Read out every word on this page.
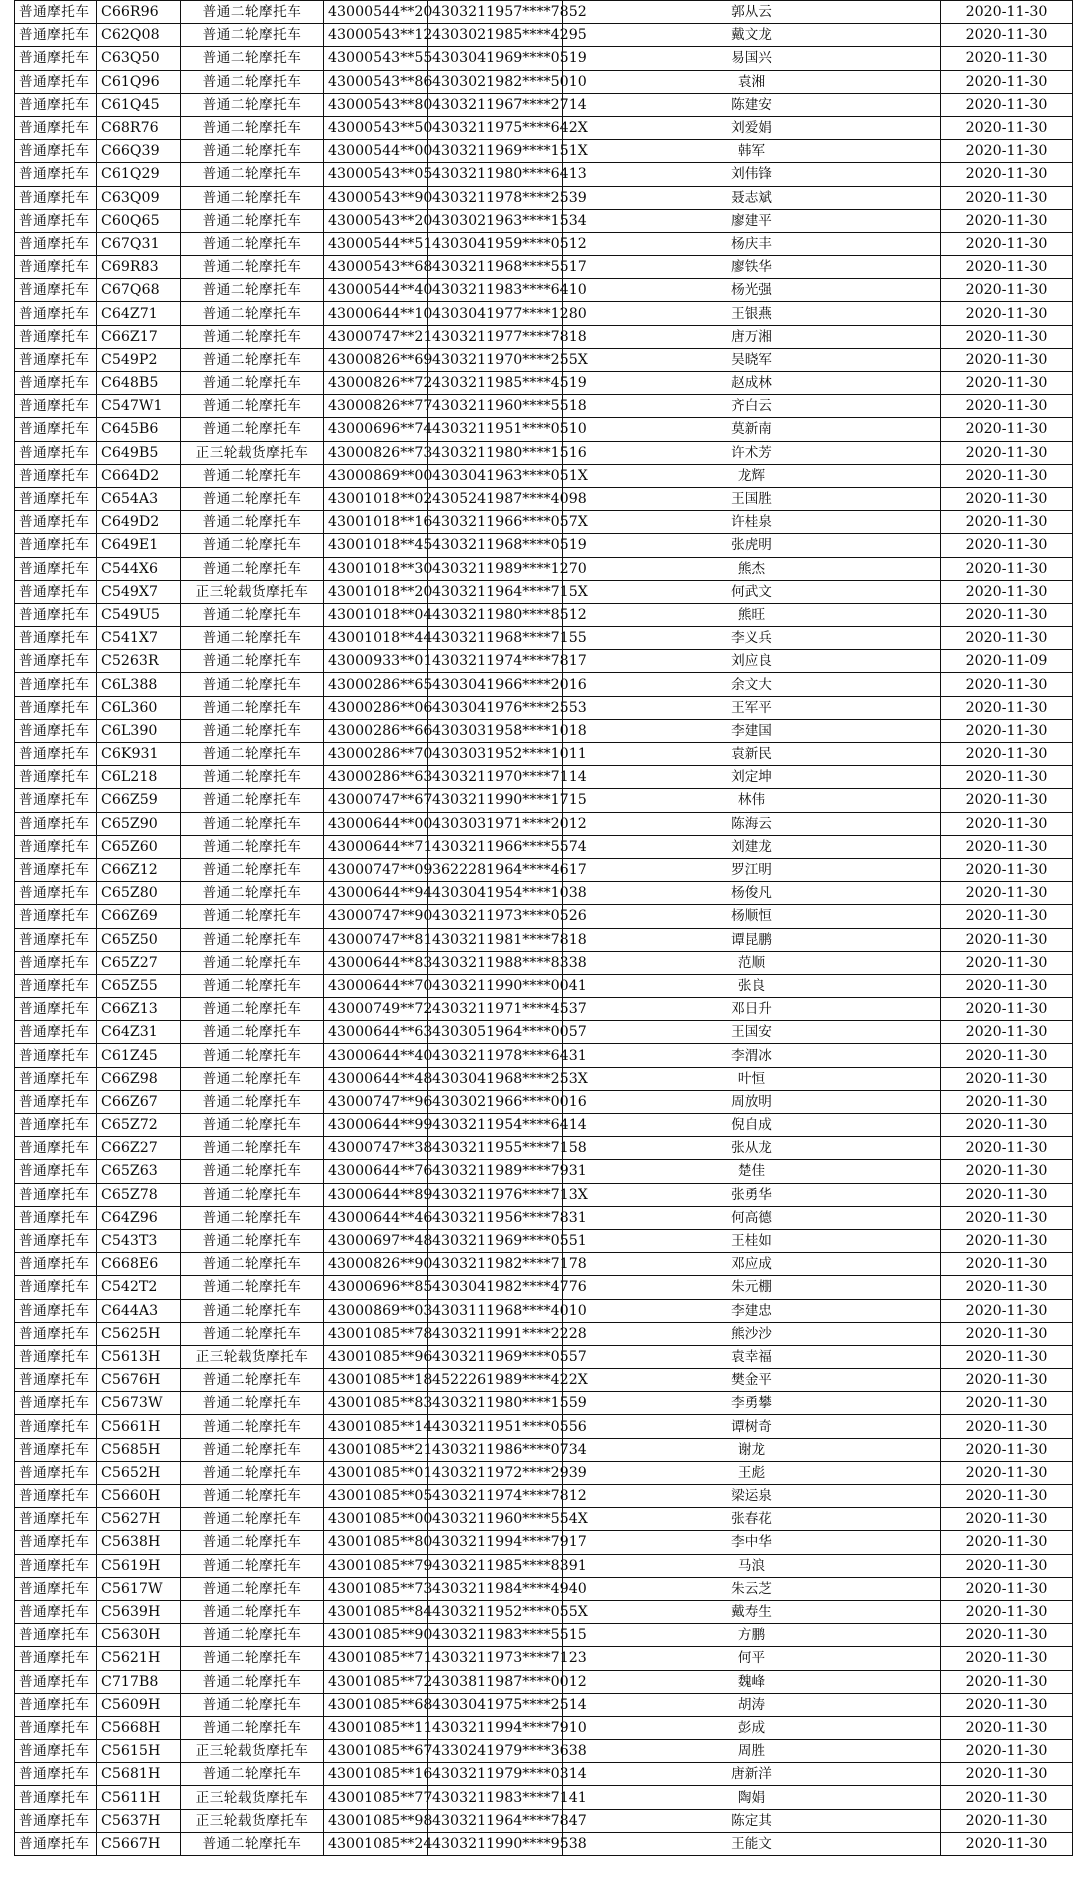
普通摩托车	C66R96	普通二轮摩托车	43000544**20	4303211957****7852	郭从云	2020-11-30
普通摩托车	C62Q08	普通二轮摩托车	43000543**12	4303021985****4295	戴文龙	2020-11-30
普通摩托车	C63Q50	普通二轮摩托车	43000543**55	4303041969****0519	易国兴	2020-11-30
普通摩托车	C61Q96	普通二轮摩托车	43000543**86	4303021982****5010	袁湘	2020-11-30
普通摩托车	C61Q45	普通二轮摩托车	43000543**80	4303211967****2714	陈建安	2020-11-30
普通摩托车	C68R76	普通二轮摩托车	43000543**50	4303211975****642X	刘爱娟	2020-11-30
普通摩托车	C66Q39	普通二轮摩托车	43000544**00	4303211969****151X	韩军	2020-11-30
普通摩托车	C61Q29	普通二轮摩托车	43000543**05	4303211980****6413	刘伟锋	2020-11-30
普通摩托车	C63Q09	普通二轮摩托车	43000543**90	4303211978****2539	聂志斌	2020-11-30
普通摩托车	C60Q65	普通二轮摩托车	43000543**20	4303021963****1534	廖建平	2020-11-30
普通摩托车	C67Q31	普通二轮摩托车	43000544**51	4303041959****0512	杨庆丰	2020-11-30
普通摩托车	C69R83	普通二轮摩托车	43000543**68	4303211968****5517	廖铁华	2020-11-30
普通摩托车	C67Q68	普通二轮摩托车	43000544**40	4303211983****6410	杨光强	2020-11-30
普通摩托车	C64Z71	普通二轮摩托车	43000644**10	4303041977****1280	王银燕	2020-11-30
普通摩托车	C66Z17	普通二轮摩托车	43000747**21	4303211977****7818	唐万湘	2020-11-30
普通摩托车	C549P2	普通二轮摩托车	43000826**69	4303211970****255X	吴晓军	2020-11-30
普通摩托车	C648B5	普通二轮摩托车	43000826**72	4303211985****4519	赵成林	2020-11-30
普通摩托车	C547W1	普通二轮摩托车	43000826**77	4303211960****5518	齐白云	2020-11-30
普通摩托车	C645B6	普通二轮摩托车	43000696**74	4303211951****0510	莫新南	2020-11-30
普通摩托车	C649B5	正三轮载货摩托车	43000826**73	4303211980****1516	许术芳	2020-11-30
普通摩托车	C664D2	普通二轮摩托车	43000869**00	4303041963****051X	龙辉	2020-11-30
普通摩托车	C654A3	普通二轮摩托车	43001018**02	4305241987****4098	王国胜	2020-11-30
普通摩托车	C649D2	普通二轮摩托车	43001018**16	4303211966****057X	许桂泉	2020-11-30
普通摩托车	C649E1	普通二轮摩托车	43001018**45	4303211968****0519	张虎明	2020-11-30
普通摩托车	C544X6	普通二轮摩托车	43001018**30	4303211989****1270	熊杰	2020-11-30
普通摩托车	C549X7	正三轮载货摩托车	43001018**20	4303211964****715X	何武文	2020-11-30
普通摩托车	C549U5	普通二轮摩托车	43001018**04	4303211980****8512	熊旺	2020-11-30
普通摩托车	C541X7	普通二轮摩托车	43001018**44	4303211968****7155	李义兵	2020-11-30
普通摩托车	C5263R	普通二轮摩托车	43000933**01	4303211974****7817	刘应良	2020-11-09
普通摩托车	C6L388	普通二轮摩托车	43000286**65	4303041966****2016	余文大	2020-11-30
普通摩托车	C6L360	普通二轮摩托车	43000286**06	4303041976****2553	王军平	2020-11-30
普通摩托车	C6L390	普通二轮摩托车	43000286**66	4303031958****1018	李建国	2020-11-30
普通摩托车	C6K931	普通二轮摩托车	43000286**70	4303031952****1011	袁新民	2020-11-30
普通摩托车	C6L218	普通二轮摩托车	43000286**63	4303211970****7114	刘定坤	2020-11-30
普通摩托车	C66Z59	普通二轮摩托车	43000747**67	4303211990****1715	林伟	2020-11-30
普通摩托车	C65Z90	普通二轮摩托车	43000644**00	4303031971****2012	陈海云	2020-11-30
普通摩托车	C65Z60	普通二轮摩托车	43000644**71	4303211966****5574	刘建龙	2020-11-30
普通摩托车	C66Z12	普通二轮摩托车	43000747**09	3622281964****4617	罗江明	2020-11-30
普通摩托车	C65Z80	普通二轮摩托车	43000644**94	4303041954****1038	杨俊凡	2020-11-30
普通摩托车	C66Z69	普通二轮摩托车	43000747**90	4303211973****0526	杨顺恒	2020-11-30
普通摩托车	C65Z50	普通二轮摩托车	43000747**81	4303211981****7818	谭昆鹏	2020-11-30
普通摩托车	C65Z27	普通二轮摩托车	43000644**83	4303211988****8338	范顺	2020-11-30
普通摩托车	C65Z55	普通二轮摩托车	43000644**70	4303211990****0041	张良	2020-11-30
普通摩托车	C66Z13	普通二轮摩托车	43000749**72	4303211971****4537	邓日升	2020-11-30
普通摩托车	C64Z31	普通二轮摩托车	43000644**63	4303051964****0057	王国安	2020-11-30
普通摩托车	C61Z45	普通二轮摩托车	43000644**40	4303211978****6431	李渭冰	2020-11-30
普通摩托车	C66Z98	普通二轮摩托车	43000644**48	4303041968****253X	叶恒	2020-11-30
普通摩托车	C66Z67	普通二轮摩托车	43000747**96	4303021966****0016	周放明	2020-11-30
普通摩托车	C65Z72	普通二轮摩托车	43000644**99	4303211954****6414	倪自成	2020-11-30
普通摩托车	C66Z27	普通二轮摩托车	43000747**38	4303211955****7158	张从龙	2020-11-30
普通摩托车	C65Z63	普通二轮摩托车	43000644**76	4303211989****7931	楚佳	2020-11-30
普通摩托车	C65Z78	普通二轮摩托车	43000644**89	4303211976****713X	张勇华	2020-11-30
普通摩托车	C64Z96	普通二轮摩托车	43000644**46	4303211956****7831	何高德	2020-11-30
普通摩托车	C543T3	普通二轮摩托车	43000697**48	4303211969****0551	王桂如	2020-11-30
普通摩托车	C668E6	普通二轮摩托车	43000826**90	4303211982****7178	邓应成	2020-11-30
普通摩托车	C542T2	普通二轮摩托车	43000696**85	4303041982****4776	朱元棚	2020-11-30
普通摩托车	C644A3	普通二轮摩托车	43000869**03	4303111968****4010	李建忠	2020-11-30
普通摩托车	C5625H	普通二轮摩托车	43001085**78	4303211991****2228	熊沙沙	2020-11-30
普通摩托车	C5613H	正三轮载货摩托车	43001085**96	4303211969****0557	袁幸福	2020-11-30
普通摩托车	C5676H	普通二轮摩托车	43001085**18	4522261989****422X	樊金平	2020-11-30
普通摩托车	C5673W	普通二轮摩托车	43001085**83	4303211980****1559	李勇攀	2020-11-30
普通摩托车	C5661H	普通二轮摩托车	43001085**14	4303211951****0556	谭树奇	2020-11-30
普通摩托车	C5685H	普通二轮摩托车	43001085**21	4303211986****0734	谢龙	2020-11-30
普通摩托车	C5652H	普通二轮摩托车	43001085**01	4303211972****2939	王彪	2020-11-30
普通摩托车	C5660H	普通二轮摩托车	43001085**05	4303211974****7812	梁运泉	2020-11-30
普通摩托车	C5627H	普通二轮摩托车	43001085**00	4303211960****554X	张春花	2020-11-30
普通摩托车	C5638H	普通二轮摩托车	43001085**80	4303211994****7917	李中华	2020-11-30
普通摩托车	C5619H	普通二轮摩托车	43001085**79	4303211985****8391	马浪	2020-11-30
普通摩托车	C5617W	普通二轮摩托车	43001085**73	4303211984****4940	朱云芝	2020-11-30
普通摩托车	C5639H	普通二轮摩托车	43001085**84	4303211952****055X	戴寿生	2020-11-30
普通摩托车	C5630H	普通二轮摩托车	43001085**90	4303211983****5515	方鹏	2020-11-30
普通摩托车	C5621H	普通二轮摩托车	43001085**71	4303211973****7123	何平	2020-11-30
普通摩托车	C717B8	普通二轮摩托车	43001085**72	4303811987****0012	魏峰	2020-11-30
普通摩托车	C5609H	普通二轮摩托车	43001085**68	4303041975****2514	胡涛	2020-11-30
普通摩托车	C5668H	普通二轮摩托车	43001085**11	4303211994****7910	彭成	2020-11-30
普通摩托车	C5615H	正三轮载货摩托车	43001085**67	4330241979****3638	周胜	2020-11-30
普通摩托车	C5681H	普通二轮摩托车	43001085**16	4303211979****0314	唐新洋	2020-11-30
普通摩托车	C5611H	正三轮载货摩托车	43001085**77	4303211983****7141	陶娟	2020-11-30
普通摩托车	C5637H	正三轮载货摩托车	43001085**98	4303211964****7847	陈定其	2020-11-30
普通摩托车	C5667H	普通二轮摩托车	43001085**24	4303211990****9538	王能文	2020-11-30
